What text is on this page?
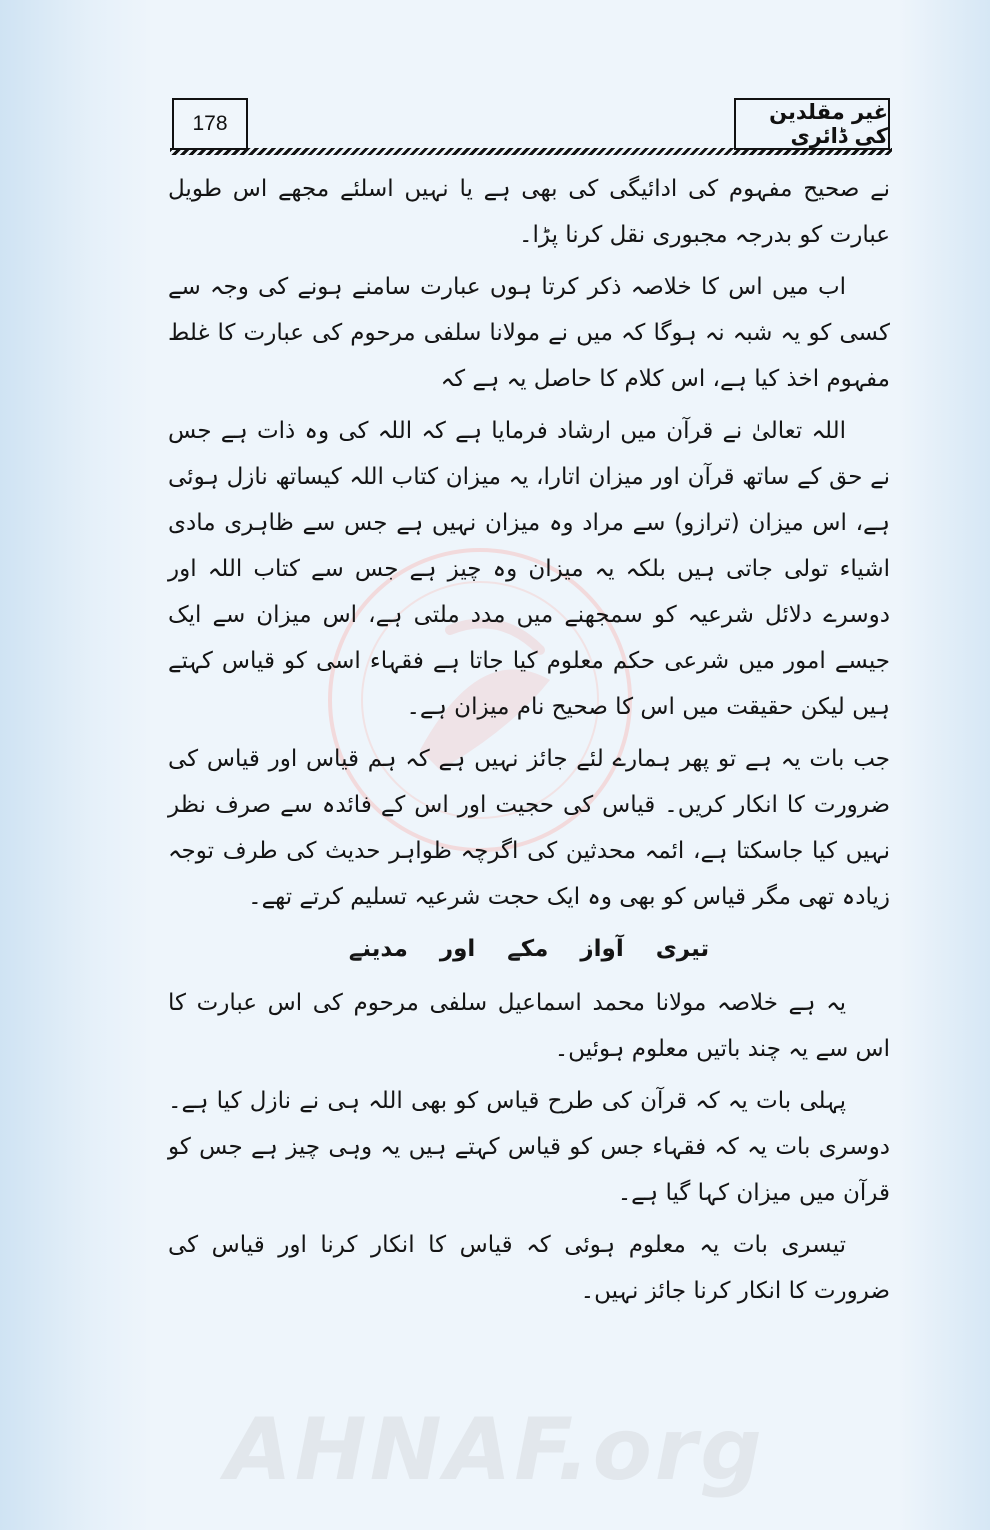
178	غیر مقلدین کی ڈائری

نے صحیح مفہوم کی ادائیگی کی بھی ہے یا نہیں اسلئے مجھے اس طویل عبارت کو بدرجہ مجبوری نقل کرنا پڑا۔

اب میں اس کا خلاصہ ذکر کرتا ہوں عبارت سامنے ہونے کی وجہ سے کسی کو یہ شبہ نہ ہوگا کہ میں نے مولانا سلفی مرحوم کی عبارت کا غلط مفہوم اخذ کیا ہے، اس کلام کا حاصل یہ ہے کہ

اللہ تعالیٰ نے قرآن میں ارشاد فرمایا ہے کہ اللہ کی وہ ذات ہے جس نے حق کے ساتھ قرآن اور میزان اتارا، یہ میزان کتاب اللہ کیساتھ نازل ہوئی ہے، اس میزان (ترازو) سے مراد وہ میزان نہیں ہے جس سے ظاہری مادی اشیاء تولی جاتی ہیں بلکہ یہ میزان وہ چیز ہے جس سے کتاب اللہ اور دوسرے دلائل شرعیہ کو سمجھنے میں مدد ملتی ہے، اس میزان سے ایک جیسے امور میں شرعی حکم معلوم کیا جاتا ہے فقہاء اسی کو قیاس کہتے ہیں لیکن حقیقت میں اس کا صحیح نام میزان ہے۔

جب بات یہ ہے تو پھر ہمارے لئے جائز نہیں ہے کہ ہم قیاس اور قیاس کی ضرورت کا انکار کریں۔ قیاس کی حجیت اور اس کے فائدہ سے صرف نظر نہیں کیا جاسکتا ہے، ائمہ محدثین کی اگرچہ ظواہر حدیث کی طرف توجہ زیادہ تھی مگر قیاس کو بھی وہ ایک حجت شرعیہ تسلیم کرتے تھے۔

تیری آواز مکے اور مدینے

یہ ہے خلاصہ مولانا محمد اسماعیل سلفی مرحوم کی اس عبارت کا اس سے یہ چند باتیں معلوم ہوئیں۔

پہلی بات یہ کہ قرآن کی طرح قیاس کو بھی اللہ ہی نے نازل کیا ہے۔ دوسری بات یہ کہ فقہاء جس کو قیاس کہتے ہیں یہ وہی چیز ہے جس کو قرآن میں میزان کہا گیا ہے۔

تیسری بات یہ معلوم ہوئی کہ قیاس کا انکار کرنا اور قیاس کی ضرورت کا انکار کرنا جائز نہیں۔

AHNAF.org
